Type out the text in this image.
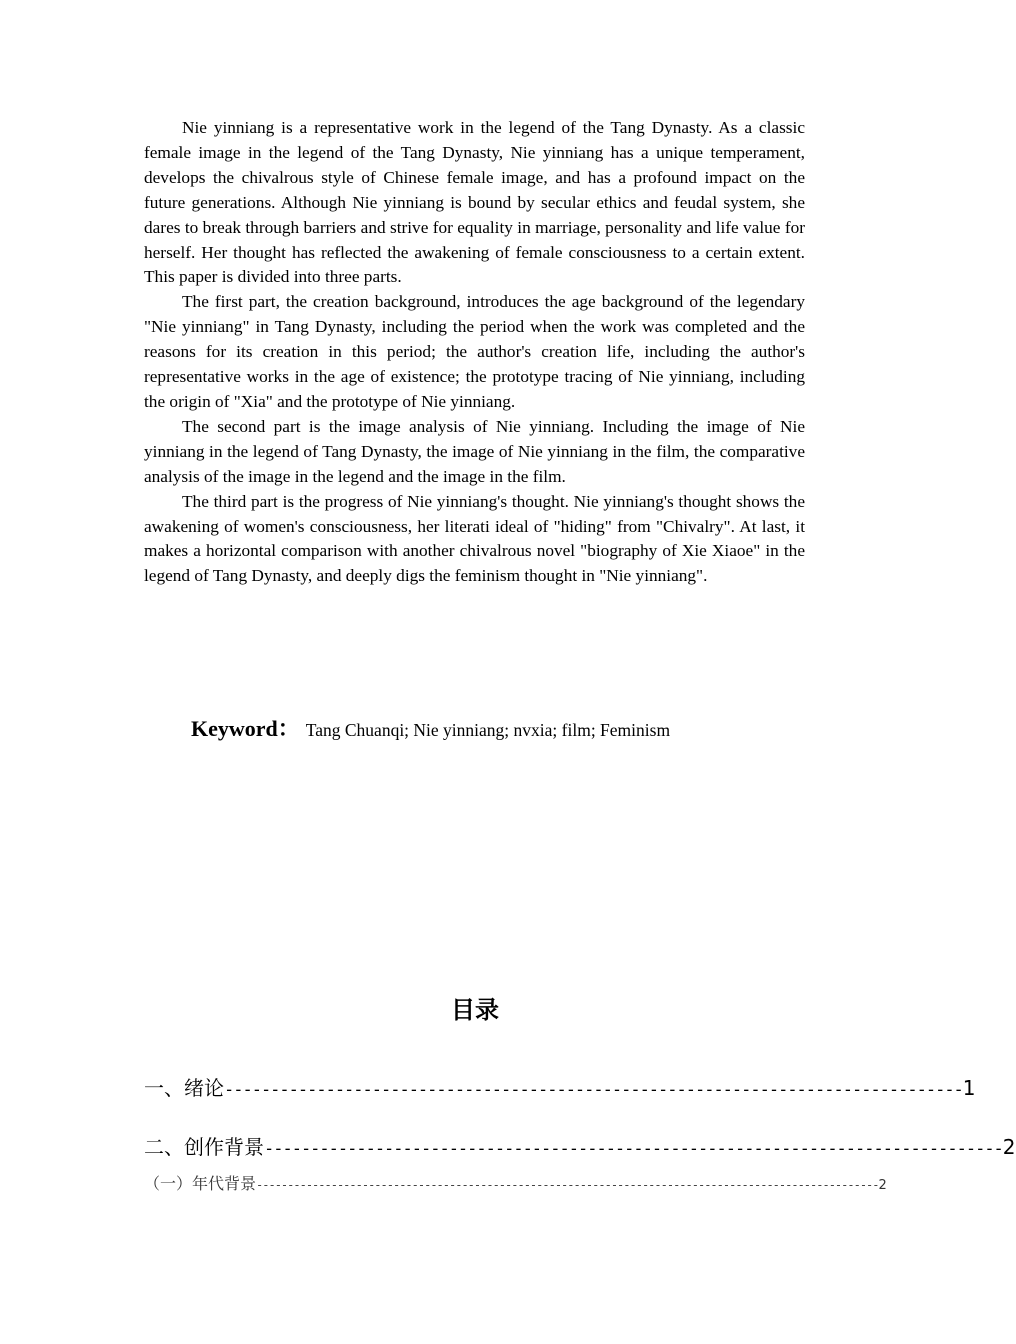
Nie yinniang is a representative work in the legend of the Tang Dynasty. As a classic female image in the legend of the Tang Dynasty, Nie yinniang has a unique temperament, develops the chivalrous style of Chinese female image, and has a profound impact on the future generations. Although Nie yinniang is bound by secular ethics and feudal system, she dares to break through barriers and strive for equality in marriage, personality and life value for herself. Her thought has reflected the awakening of female consciousness to a certain extent. This paper is divided into three parts.

The first part, the creation background, introduces the age background of the legendary "Nie yinniang" in Tang Dynasty, including the period when the work was completed and the reasons for its creation in this period; the author's creation life, including the author's representative works in the age of existence; the prototype tracing of Nie yinniang, including the origin of "Xia" and the prototype of Nie yinniang.

The second part is the image analysis of Nie yinniang. Including the image of Nie yinniang in the legend of Tang Dynasty, the image of Nie yinniang in the film, the comparative analysis of the image in the legend and the image in the film.

The third part is the progress of Nie yinniang's thought. Nie yinniang's thought shows the awakening of women's consciousness, her literati ideal of "hiding" from "Chivalry". At last, it makes a horizontal comparison with another chivalrous novel "biography of Xie Xiaoe" in the legend of Tang Dynasty, and deeply digs the feminism thought in "Nie yinniang".

Keyword： Tang Chuanqi; Nie yinniang; nvxia; film; Feminism
目录
一、 绪论 -------------------------------------------------------------------------------- 1
二、 创作背景 -------------------------------------------------------------------------------- 2
（一） 年代背景 ---------------------------------------------------------------------------------------------------- 2
